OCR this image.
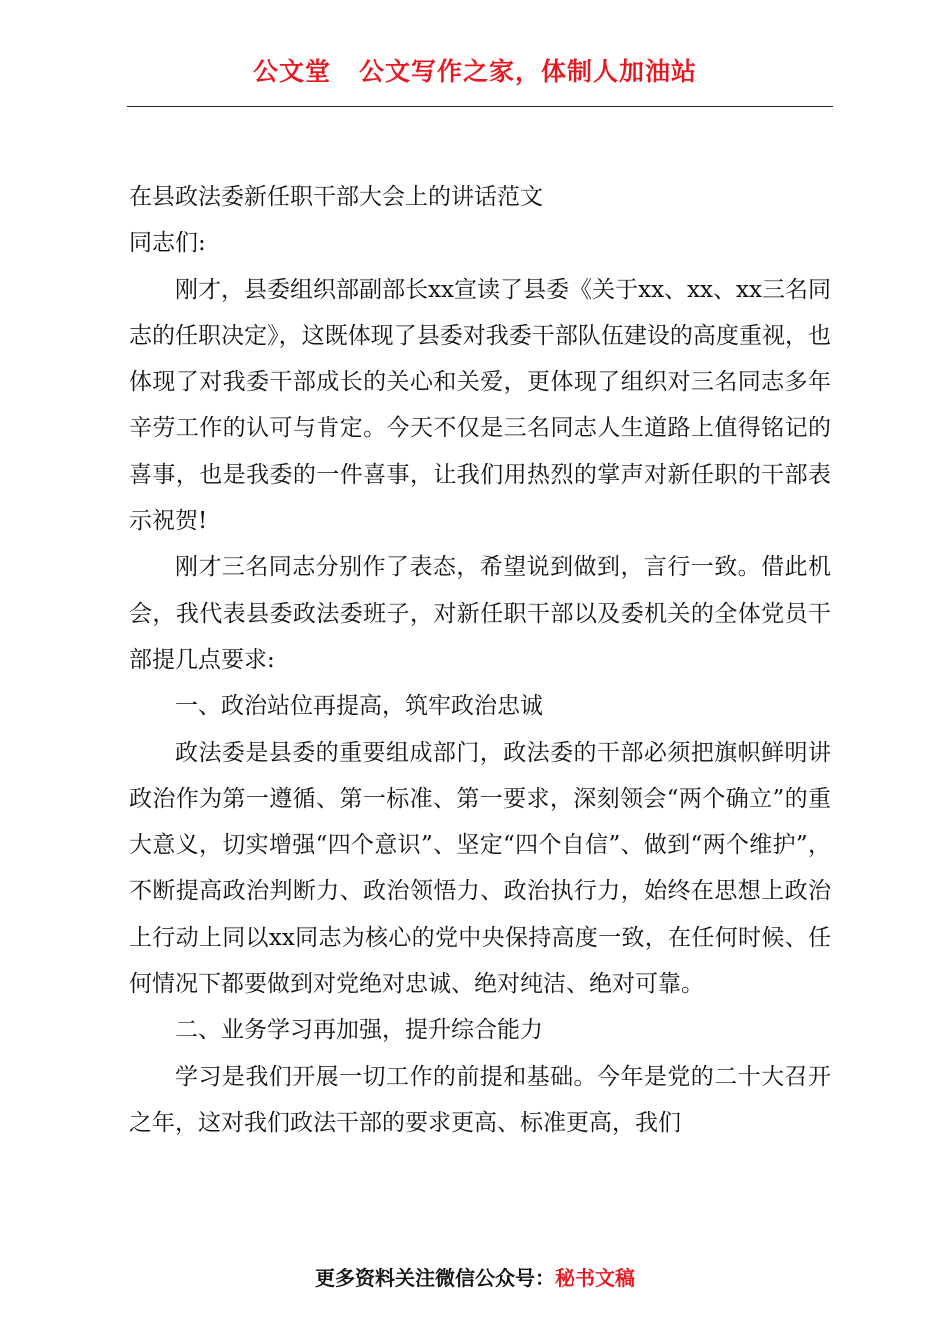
公文堂 公文写作之家，体制人加油站

在县政法委新任职干部大会上的讲话范文

同志们:

刚才，县委组织部副部长xx宣读了县委《关于xx、xx、xx三名同志的任职决定》，这既体现了县委对我委干部队伍建设的高度重视，也体现了对我委干部成长的关心和关爱，更体现了组织对三名同志多年辛劳工作的认可与肯定。今天不仅是三名同志人生道路上值得铭记的喜事，也是我委的一件喜事，让我们用热烈的掌声对新任职的干部表示祝贺!

刚才三名同志分别作了表态，希望说到做到，言行一致。借此机会，我代表县委政法委班子，对新任职干部以及委机关的全体党员干部提几点要求:

一、政治站位再提高，筑牢政治忠诚

政法委是县委的重要组成部门，政法委的干部必须把旗帜鲜明讲政治作为第一遵循、第一标准、第一要求，深刻领会“两个确立”的重大意义，切实增强“四个意识”、坚定“四个自信”、做到“两个维护”，不断提高政治判断力、政治领悟力、政治执行力，始终在思想上政治上行动上同以xx同志为核心的党中央保持高度一致，在任何时候、任何情况下都要做到对党绝对忠诚、绝对纯洁、绝对可靠。

二、业务学习再加强，提升综合能力

学习是我们开展一切工作的前提和基础。今年是党的二十大召开之年，这对我们政法干部的要求更高、标准更高，我们

更多资料关注微信公众号：秘书文稿
